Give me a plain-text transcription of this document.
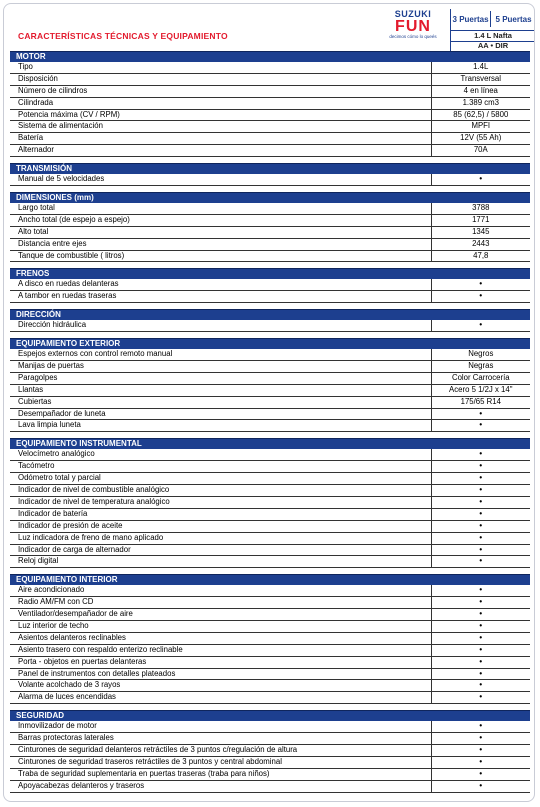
CARACTERÍSTICAS TÉCNICAS Y EQUIPAMIENTO
SUZUKI
FUN
decimos cómo lo queés
3 Puertas 5 Puertas
1.4 L Nafta
AA • DIR
MOTOR
Tipo	1.4L
Disposición	Transversal
Número de cilindros	4 en línea
Cilindrada	1.389 cm3
Potencia máxima (CV / RPM)	85 (62,5) / 5800
Sistema de alimentación	MPFI
Batería	12V (55 Ah)
Alternador	70A
TRANSMISIÓN
Manual de 5 velocidades	•
DIMENSIONES (mm)
Largo total	3788
Ancho total (de espejo a espejo)	1771
Alto total	1345
Distancia entre ejes	2443
Tanque de combustible ( litros)	47,8
FRENOS
A disco en ruedas delanteras	•
A tambor en ruedas traseras	•
DIRECCIÓN
Dirección hidráulica	•
EQUIPAMIENTO EXTERIOR
Espejos externos con control remoto manual	Negros
Manijas de puertas	Negras
Paragolpes	Color Carrocería
Llantas	Acero 5 1/2J x 14"
Cubiertas	175/65 R14
Desempañador de luneta	•
Lava limpia luneta	•
EQUIPAMIENTO INSTRUMENTAL
Velocímetro analógico	•
Tacómetro	•
Odómetro total y parcial	•
Indicador de nivel de combustible analógico	•
Indicador de nivel de temperatura analógico	•
Indicador de batería	•
Indicador de presión de aceite	•
Luz indicadora de freno de mano aplicado	•
Indicador de carga de alternador	•
Reloj digital	•
EQUIPAMIENTO INTERIOR
Aire acondicionado	•
Radio AM/FM con CD	•
Ventilador/desempañador de aire	•
Luz interior de techo	•
Asientos delanteros reclinables	•
Asiento trasero con respaldo enterizo reclinable	•
Porta - objetos en puertas delanteras	•
Panel de instrumentos con detalles plateados	•
Volante acolchado de 3 rayos	•
Alarma de luces encendidas	•
SEGURIDAD
Inmovilizador de motor	•
Barras protectoras laterales	•
Cinturones de seguridad delanteros retráctiles de 3 puntos c/regulación de altura	•
Cinturones de seguridad traseros retráctiles de 3 puntos y central abdominal	•
Traba de seguridad suplementaria en puertas traseras (traba para niños)	•
Apoyacabezas delanteros y traseros	•
